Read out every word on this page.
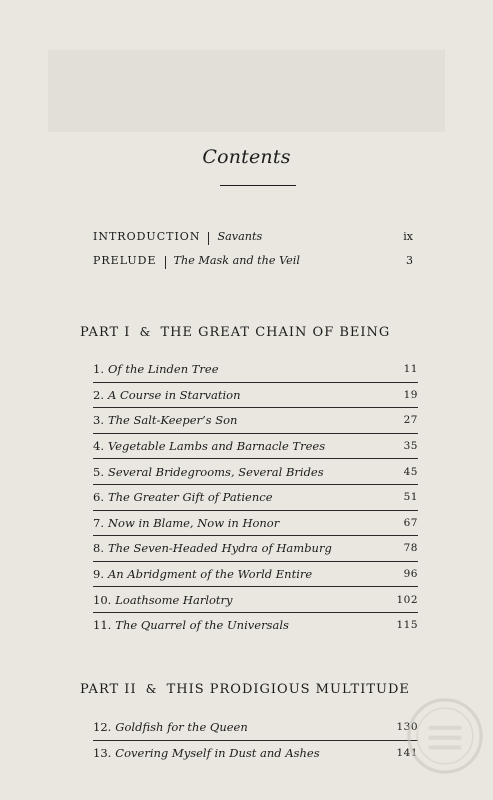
Contents
INTRODUCTION Savants	ix
PRELUDE The Mask and the Veil	3
PART I & THE GREAT CHAIN OF BEING
1. Of the Linden Tree	11
2. A Course in Starvation	19
3. The Salt-Keeper’s Son	27
4. Vegetable Lambs and Barnacle Trees	35
5. Several Bridegrooms, Several Brides	45
6. The Greater Gift of Patience	51
7. Now in Blame, Now in Honor	67
8. The Seven-Headed Hydra of Hamburg	78
9. An Abridgment of the World Entire	96
10. Loathsome Harlotry	102
11. The Quarrel of the Universals	115
PART II & THIS PRODIGIOUS MULTITUDE
12. Goldfish for the Queen	130
13. Covering Myself in Dust and Ashes	141
